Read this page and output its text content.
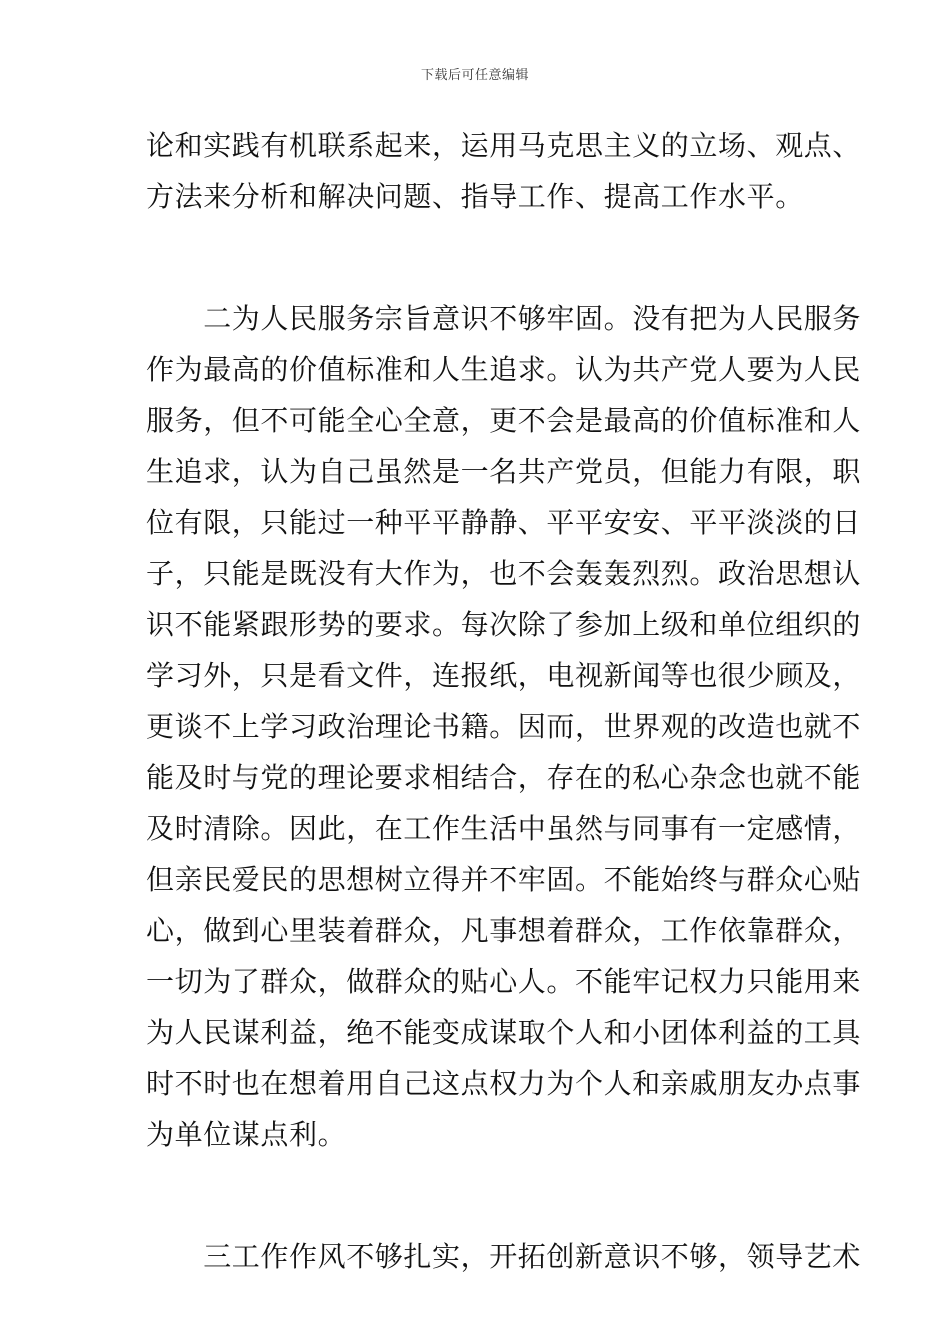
下载后可任意编辑
论和实践有机联系起来，运用马克思主义的立场、观点、
方法来分析和解决问题、指导工作、提高工作水平。
　　二为人民服务宗旨意识不够牢固。没有把为人民服务
作为最高的价值标准和人生追求。认为共产党人要为人民
服务，但不可能全心全意，更不会是最高的价值标准和人
生追求，认为自己虽然是一名共产党员，但能力有限，职
位有限，只能过一种平平静静、平平安安、平平淡淡的日
子，只能是既没有大作为，也不会轰轰烈烈。政治思想认
识不能紧跟形势的要求。每次除了参加上级和单位组织的
学习外，只是看文件，连报纸，电视新闻等也很少顾及，
更谈不上学习政治理论书籍。因而，世界观的改造也就不
能及时与党的理论要求相结合，存在的私心杂念也就不能
及时清除。因此，在工作生活中虽然与同事有一定感情，
但亲民爱民的思想树立得并不牢固。不能始终与群众心贴
心，做到心里装着群众，凡事想着群众，工作依靠群众，
一切为了群众，做群众的贴心人。不能牢记权力只能用来
为人民谋利益，绝不能变成谋取个人和小团体利益的工具
时不时也在想着用自己这点权力为个人和亲戚朋友办点事
为单位谋点利。
　　三工作作风不够扎实，开拓创新意识不够，领导艺术
